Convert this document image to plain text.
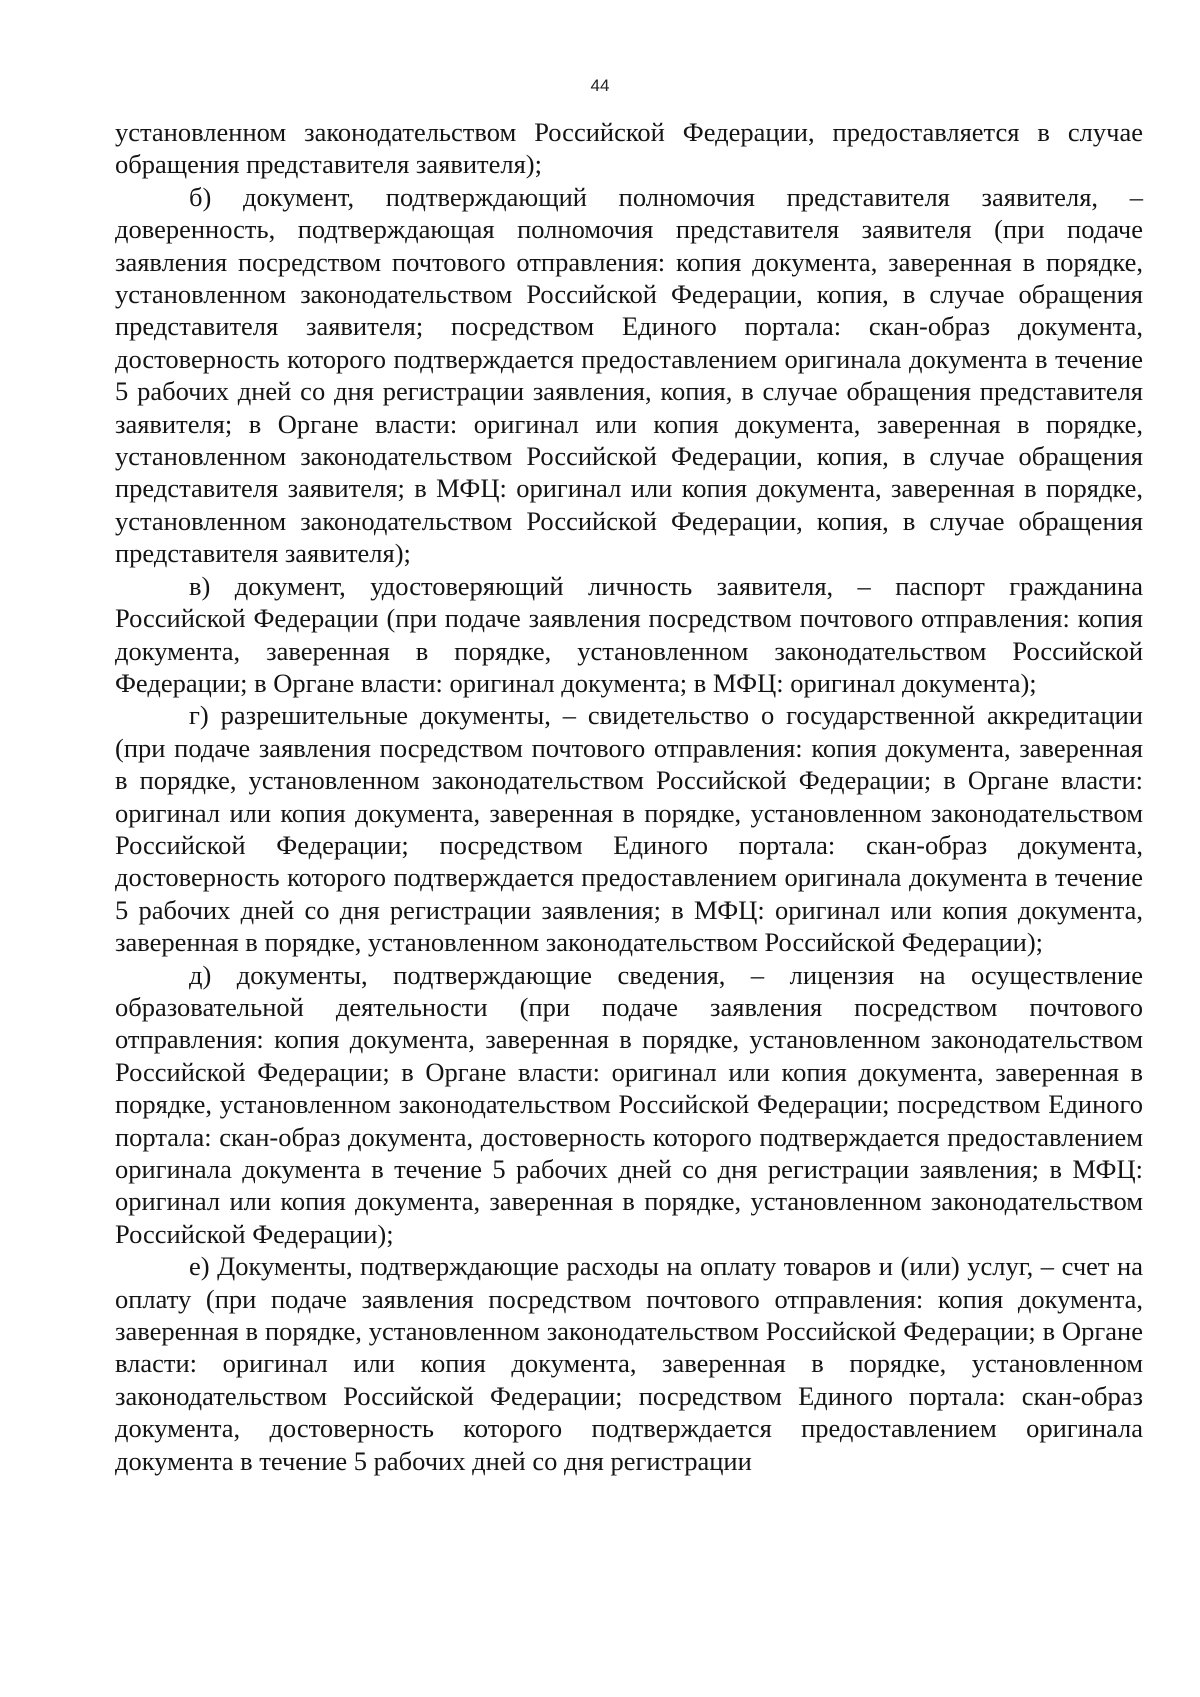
44

установленном законодательством Российской Федерации, предоставляется в случае обращения представителя заявителя);

б) документ, подтверждающий полномочия представителя заявителя, – доверенность, подтверждающая полномочия представителя заявителя (при подаче заявления посредством почтового отправления: копия документа, заверенная в порядке, установленном законодательством Российской Федерации, копия, в случае обращения представителя заявителя; посредством Единого портала: скан-образ документа, достоверность которого подтверждается предоставлением оригинала документа в течение 5 рабочих дней со дня регистрации заявления, копия, в случае обращения представителя заявителя; в Органе власти: оригинал или копия документа, заверенная в порядке, установленном законодательством Российской Федерации, копия, в случае обращения представителя заявителя; в МФЦ: оригинал или копия документа, заверенная в порядке, установленном законодательством Российской Федерации, копия, в случае обращения представителя заявителя);

в) документ, удостоверяющий личность заявителя, – паспорт гражданина Российской Федерации (при подаче заявления посредством почтового отправления: копия документа, заверенная в порядке, установленном законодательством Российской Федерации; в Органе власти: оригинал документа; в МФЦ: оригинал документа);

г) разрешительные документы, – свидетельство о государственной аккредитации (при подаче заявления посредством почтового отправления: копия документа, заверенная в порядке, установленном законодательством Российской Федерации; в Органе власти: оригинал или копия документа, заверенная в порядке, установленном законодательством Российской Федерации; посредством Единого портала: скан-образ документа, достоверность которого подтверждается предоставлением оригинала документа в течение 5 рабочих дней со дня регистрации заявления; в МФЦ: оригинал или копия документа, заверенная в порядке, установленном законодательством Российской Федерации);

д) документы, подтверждающие сведения, – лицензия на осуществление образовательной деятельности (при подаче заявления посредством почтового отправления: копия документа, заверенная в порядке, установленном законодательством Российской Федерации; в Органе власти: оригинал или копия документа, заверенная в порядке, установленном законодательством Российской Федерации; посредством Единого портала: скан-образ документа, достоверность которого подтверждается предоставлением оригинала документа в течение 5 рабочих дней со дня регистрации заявления; в МФЦ: оригинал или копия документа, заверенная в порядке, установленном законодательством Российской Федерации);

е) Документы, подтверждающие расходы на оплату товаров и (или) услуг, – счет на оплату (при подаче заявления посредством почтового отправления: копия документа, заверенная в порядке, установленном законодательством Российской Федерации; в Органе власти: оригинал или копия документа, заверенная в порядке, установленном законодательством Российской Федерации; посредством Единого портала: скан-образ документа, достоверность которого подтверждается предоставлением оригинала документа в течение 5 рабочих дней со дня регистрации
